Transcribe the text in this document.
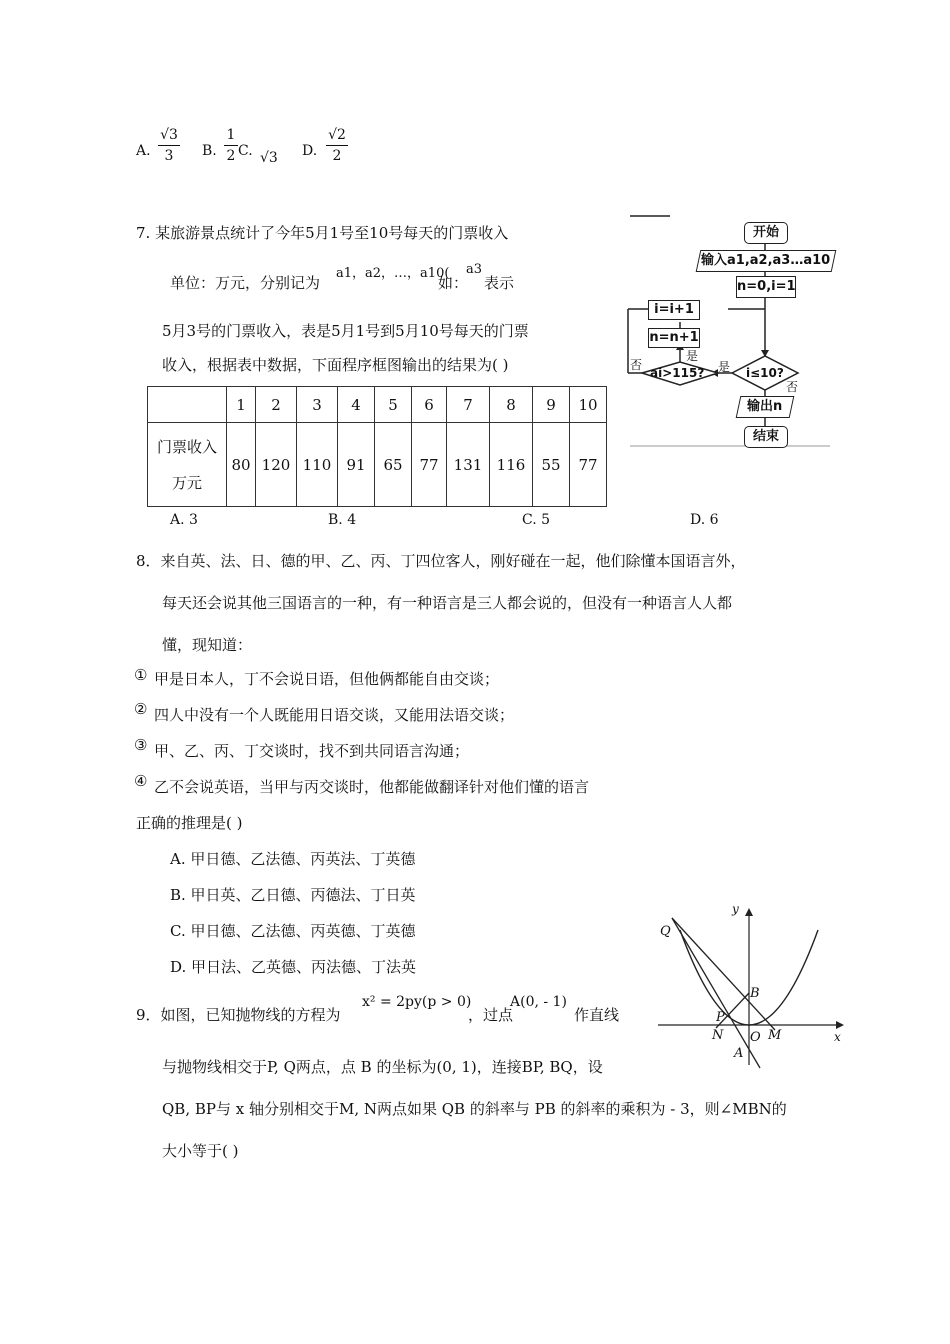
A.
√3
3	B.
1
2 C. √3 D.
√2
2
7. 某旅游景点统计了今年5月1号至10号每天的门票收入
单位：万元，分别记为
a1，a2，…，a10(
如：
a3
表示
5月3号的门票收入，表是5月1号到5月10号每天的门票
收入，根据表中数据，下面程序框图输出的结果为( )
	1	2	3	4	5	6	7	8	9	10

门票收入
万元	80	120	110	91	65	77	131	116	55	77
A. 3	B. 4	C. 5	D. 6
开始
输入a1,a2,a3…a10
n=0,i=1
i=i+1
n=n+1
ai>115?	i≤10?
是
否	是
否
输出n
结束
8．来自英、法、日、德的甲、乙、丙、丁四位客人，刚好碰在一起，他们除懂本国语言外，
每天还会说其他三国语言的一种，有一种语言是三人都会说的，但没有一种语言人人都
懂，现知道：
① 甲是日本人，丁不会说日语，但他俩都能自由交谈；
② 四人中没有一个人既能用日语交谈，又能用法语交谈；
③ 甲、乙、丙、丁交谈时，找不到共同语言沟通；
④ 乙不会说英语，当甲与丙交谈时，他都能做翻译针对他们懂的语言
正确的推理是( )
A. 甲日德、乙法德、丙英法、丁英德
B. 甲日英、乙日德、丙德法、丁日英
C. 甲日德、乙法德、丙英德、丁英德
D. 甲日法、乙英德、丙法德、丁法英
9．如图，已知抛物线的方程为
x² = 2py(p > 0)
，过点
A(0, - 1)
作直线
与抛物线相交于P, Q两点，点 B 的坐标为(0, 1)，连接BP, BQ，设
QB, BP与 x 轴分别相交于M, N两点如果 QB 的斜率与 PB 的斜率的乘积为 - 3，则∠MBN的
大小等于( )
y
x
Q
B
P
N O M
A
